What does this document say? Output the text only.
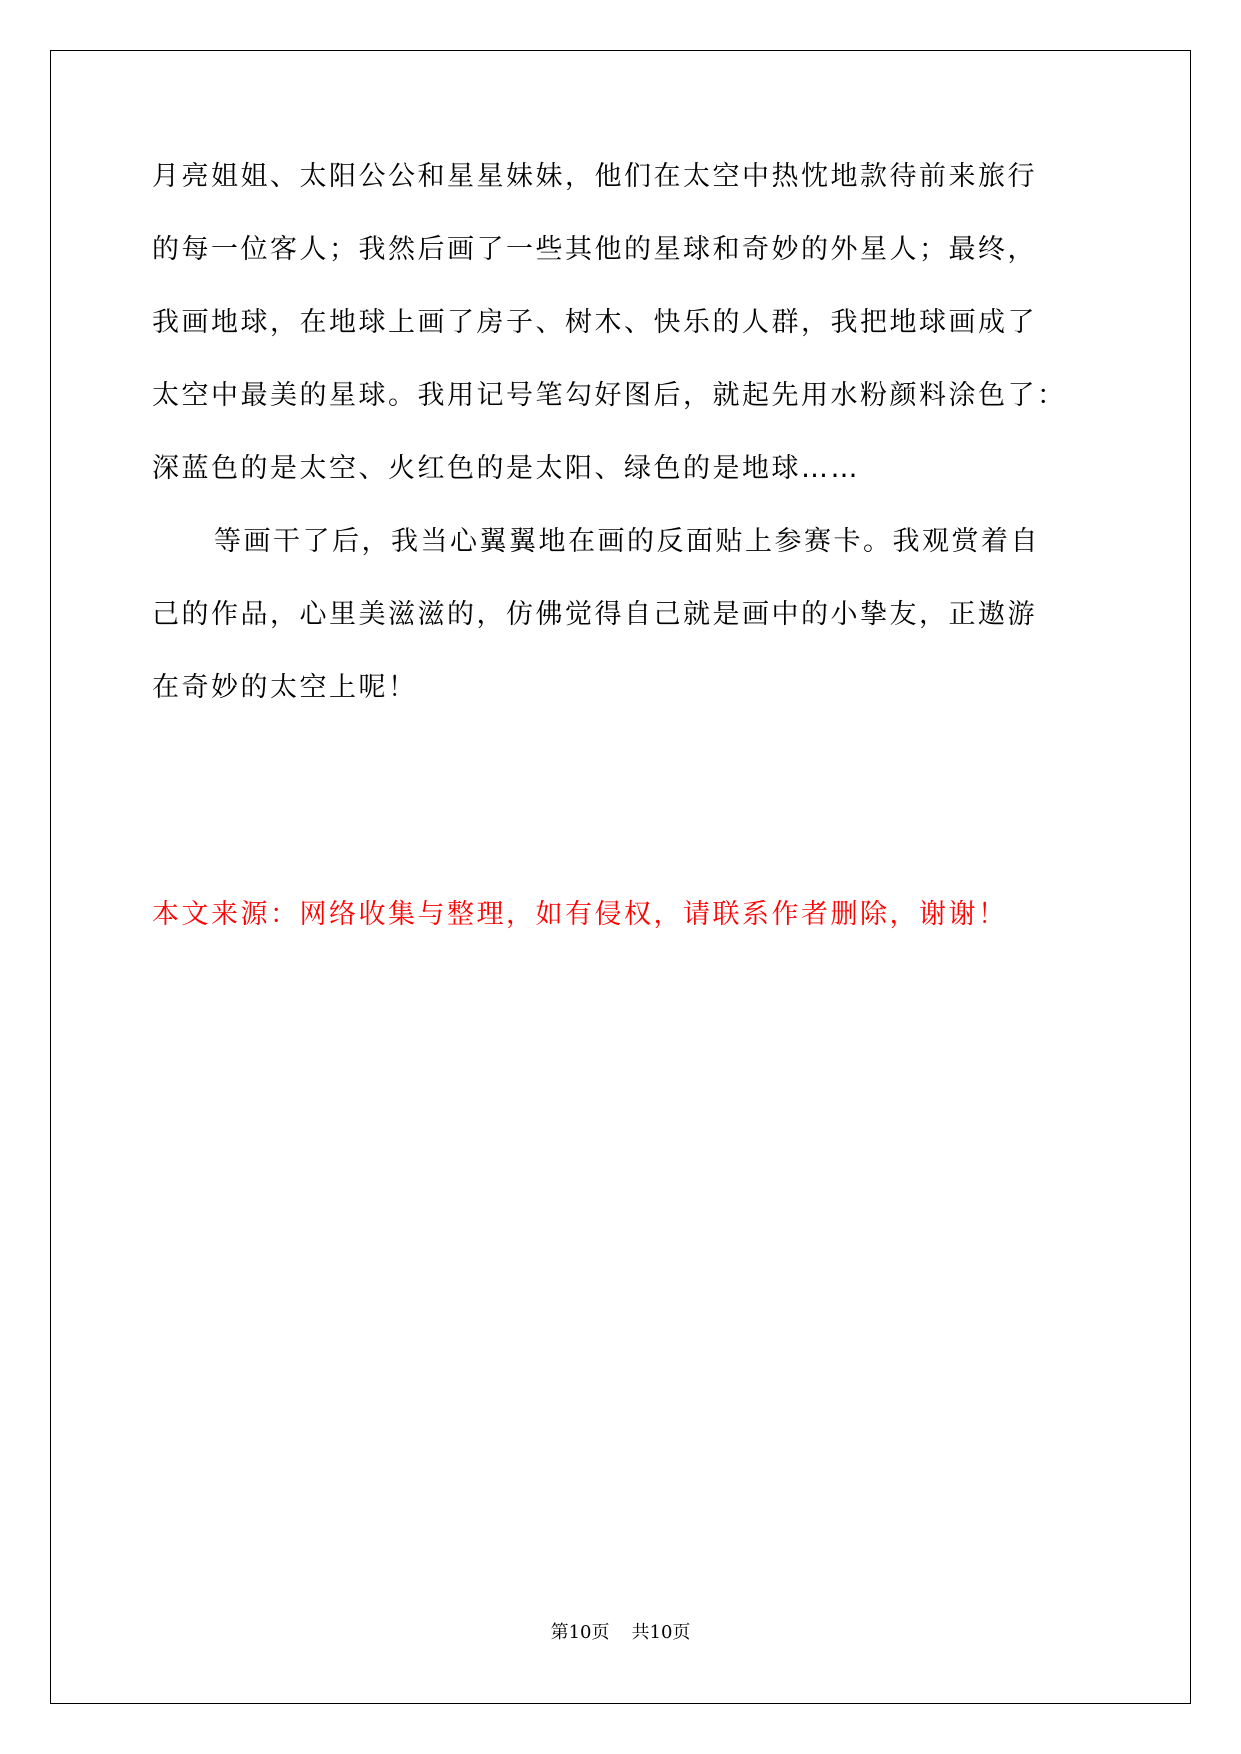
月亮姐姐、太阳公公和星星妹妹，他们在太空中热忱地款待前来旅行
的每一位客人；我然后画了一些其他的星球和奇妙的外星人；最终，
我画地球，在地球上画了房子、树木、快乐的人群，我把地球画成了
太空中最美的星球。我用记号笔勾好图后，就起先用水粉颜料涂色了：
深蓝色的是太空、火红色的是太阳、绿色的是地球……
等画干了后，我当心翼翼地在画的反面贴上参赛卡。我观赏着自
己的作品，心里美滋滋的，仿佛觉得自己就是画中的小挚友，正遨游
在奇妙的太空上呢！
本文来源：网络收集与整理，如有侵权，请联系作者删除，谢谢！
第10页 共10页
